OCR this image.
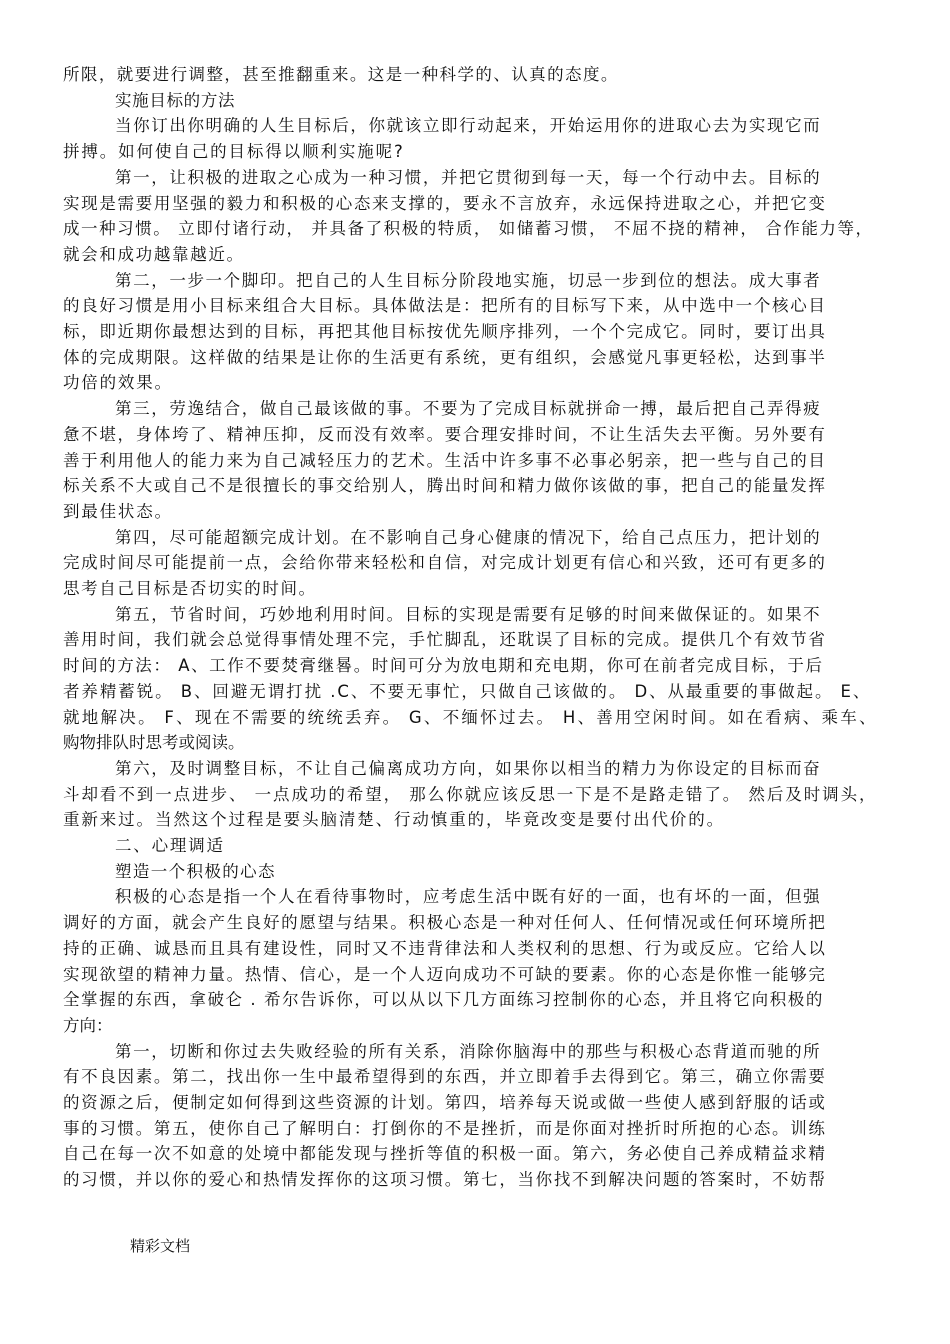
所限，就要进行调整，甚至推翻重来。这是一种科学的、认真的态度。
实施目标的方法
当你订出你明确的人生目标后，你就该立即行动起来，开始运用你的进取心去为实现它而
拼搏。如何使自己的目标得以顺利实施呢?
第一，让积极的进取之心成为一种习惯，并把它贯彻到每一天，每一个行动中去。目标的
实现是需要用坚强的毅力和积极的心态来支撑的，要永不言放弃，永远保持进取之心，并把它变
成一种习惯。 立即付诸行动， 并具备了积极的特质， 如储蓄习惯， 不屈不挠的精神， 合作能力等，
就会和成功越靠越近。
第二，一步一个脚印。把自己的人生目标分阶段地实施，切忌一步到位的想法。成大事者
的良好习惯是用小目标来组合大目标。具体做法是：把所有的目标写下来，从中选中一个核心目
标，即近期你最想达到的目标，再把其他目标按优先顺序排列，一个个完成它。同时，要订出具
体的完成期限。这样做的结果是让你的生活更有系统，更有组织，会感觉凡事更轻松，达到事半
功倍的效果。
第三，劳逸结合，做自己最该做的事。不要为了完成目标就拼命一搏，最后把自己弄得疲
惫不堪，身体垮了、精神压抑，反而没有效率。要合理安排时间，不让生活失去平衡。另外要有
善于利用他人的能力来为自己减轻压力的艺术。生活中许多事不必事必躬亲，把一些与自己的目
标关系不大或自己不是很擅长的事交给别人，腾出时间和精力做你该做的事，把自己的能量发挥
到最佳状态。
第四，尽可能超额完成计划。在不影响自己身心健康的情况下，给自己点压力，把计划的
完成时间尽可能提前一点，会给你带来轻松和自信，对完成计划更有信心和兴致，还可有更多的
思考自己目标是否切实的时间。
第五，节省时间，巧妙地利用时间。目标的实现是需要有足够的时间来做保证的。如果不
善用时间，我们就会总觉得事情处理不完，手忙脚乱，还耽误了目标的完成。提供几个有效节省
时间的方法： A、工作不要焚膏继晷。时间可分为放电期和充电期，你可在前者完成目标，于后
者养精蓄锐。 B、回避无谓打扰 .C、不要无事忙，只做自己该做的。 D、从最重要的事做起。 E、
就地解决。 F、现在不需要的统统丢弃。 G、不缅怀过去。 H、善用空闲时间。如在看病、乘车、
购物排队时思考或阅读。
第六，及时调整目标，不让自己偏离成功方向，如果你以相当的精力为你设定的目标而奋
斗却看不到一点进步、 一点成功的希望， 那么你就应该反思一下是不是路走错了。 然后及时调头，
重新来过。当然这个过程是要头脑清楚、行动慎重的，毕竟改变是要付出代价的。
二、心理调适
塑造一个积极的心态
积极的心态是指一个人在看待事物时，应考虑生活中既有好的一面，也有坏的一面，但强
调好的方面，就会产生良好的愿望与结果。积极心态是一种对任何人、任何情况或任何环境所把
持的正确、诚恳而且具有建设性，同时又不违背律法和人类权利的思想、行为或反应。它给人以
实现欲望的精神力量。热情、信心，是一个人迈向成功不可缺的要素。你的心态是你惟一能够完
全掌握的东西，拿破仑 . 希尔告诉你，可以从以下几方面练习控制你的心态，并且将它向积极的
方向：
第一，切断和你过去失败经验的所有关系，消除你脑海中的那些与积极心态背道而驰的所
有不良因素。第二，找出你一生中最希望得到的东西，并立即着手去得到它。第三，确立你需要
的资源之后，便制定如何得到这些资源的计划。第四，培养每天说或做一些使人感到舒服的话或
事的习惯。第五，使你自己了解明白：打倒你的不是挫折，而是你面对挫折时所抱的心态。训练
自己在每一次不如意的处境中都能发现与挫折等值的积极一面。第六，务必使自己养成精益求精
的习惯，并以你的爱心和热情发挥你的这项习惯。第七，当你找不到解决问题的答案时，不妨帮
精彩文档
